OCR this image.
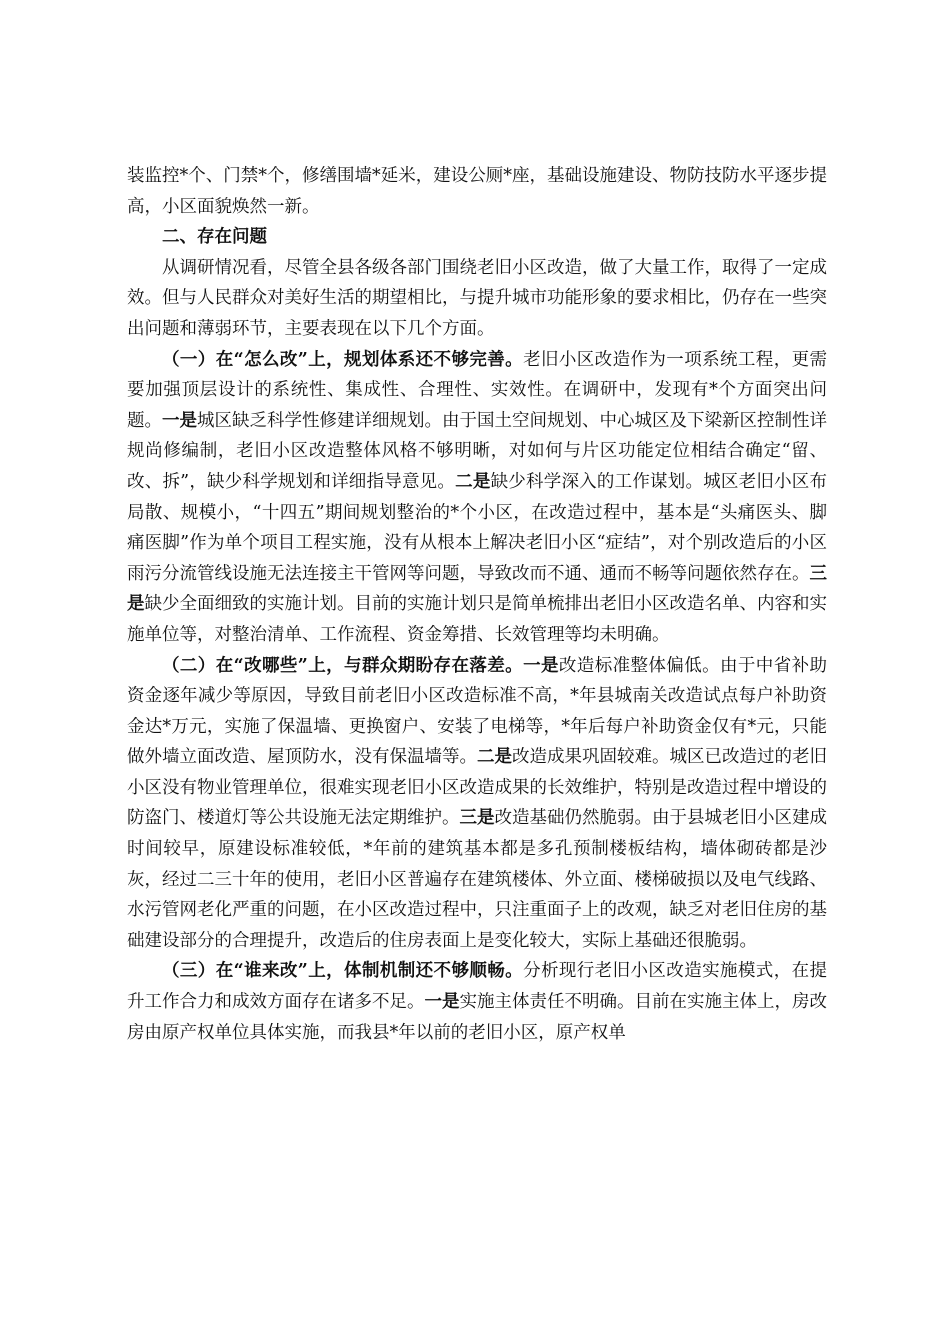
装监控*个、门禁*个，修缮围墙*延米，建设公厕*座，基础设施建设、物防技防水平逐步提高，小区面貌焕然一新。

二、存在问题

从调研情况看，尽管全县各级各部门围绕老旧小区改造，做了大量工作，取得了一定成效。但与人民群众对美好生活的期望相比，与提升城市功能形象的要求相比，仍存在一些突出问题和薄弱环节，主要表现在以下几个方面。

（一）在“怎么改”上，规划体系还不够完善。老旧小区改造作为一项系统工程，更需要加强顶层设计的系统性、集成性、合理性、实效性。在调研中，发现有*个方面突出问题。一是城区缺乏科学性修建详细规划。由于国土空间规划、中心城区及下梁新区控制性详规尚修编制，老旧小区改造整体风格不够明晰，对如何与片区功能定位相结合确定“留、改、拆”，缺少科学规划和详细指导意见。二是缺少科学深入的工作谋划。城区老旧小区布局散、规模小，“十四五”期间规划整治的*个小区，在改造过程中，基本是“头痛医头、脚痛医脚”作为单个项目工程实施，没有从根本上解决老旧小区“症结”，对个别改造后的小区雨污分流管线设施无法连接主干管网等问题，导致改而不通、通而不畅等问题依然存在。三是缺少全面细致的实施计划。目前的实施计划只是简单梳排出老旧小区改造名单、内容和实施单位等，对整治清单、工作流程、资金筹措、长效管理等均未明确。

（二）在“改哪些”上，与群众期盼存在落差。一是改造标准整体偏低。由于中省补助资金逐年减少等原因，导致目前老旧小区改造标准不高，*年县城南关改造试点每户补助资金达*万元，实施了保温墙、更换窗户、安装了电梯等，*年后每户补助资金仅有*元，只能做外墙立面改造、屋顶防水，没有保温墙等。二是改造成果巩固较难。城区已改造过的老旧小区没有物业管理单位，很难实现老旧小区改造成果的长效维护，特别是改造过程中增设的防盗门、楼道灯等公共设施无法定期维护。三是改造基础仍然脆弱。由于县城老旧小区建成时间较早，原建设标准较低，*年前的建筑基本都是多孔预制楼板结构，墙体砌砖都是沙灰，经过二三十年的使用，老旧小区普遍存在建筑楼体、外立面、楼梯破损以及电气线路、水污管网老化严重的问题，在小区改造过程中，只注重面子上的改观，缺乏对老旧住房的基础建设部分的合理提升，改造后的住房表面上是变化较大，实际上基础还很脆弱。

（三）在“谁来改”上，体制机制还不够顺畅。分析现行老旧小区改造实施模式，在提升工作合力和成效方面存在诸多不足。一是实施主体责任不明确。目前在实施主体上，房改房由原产权单位具体实施，而我县*年以前的老旧小区，原产权单
